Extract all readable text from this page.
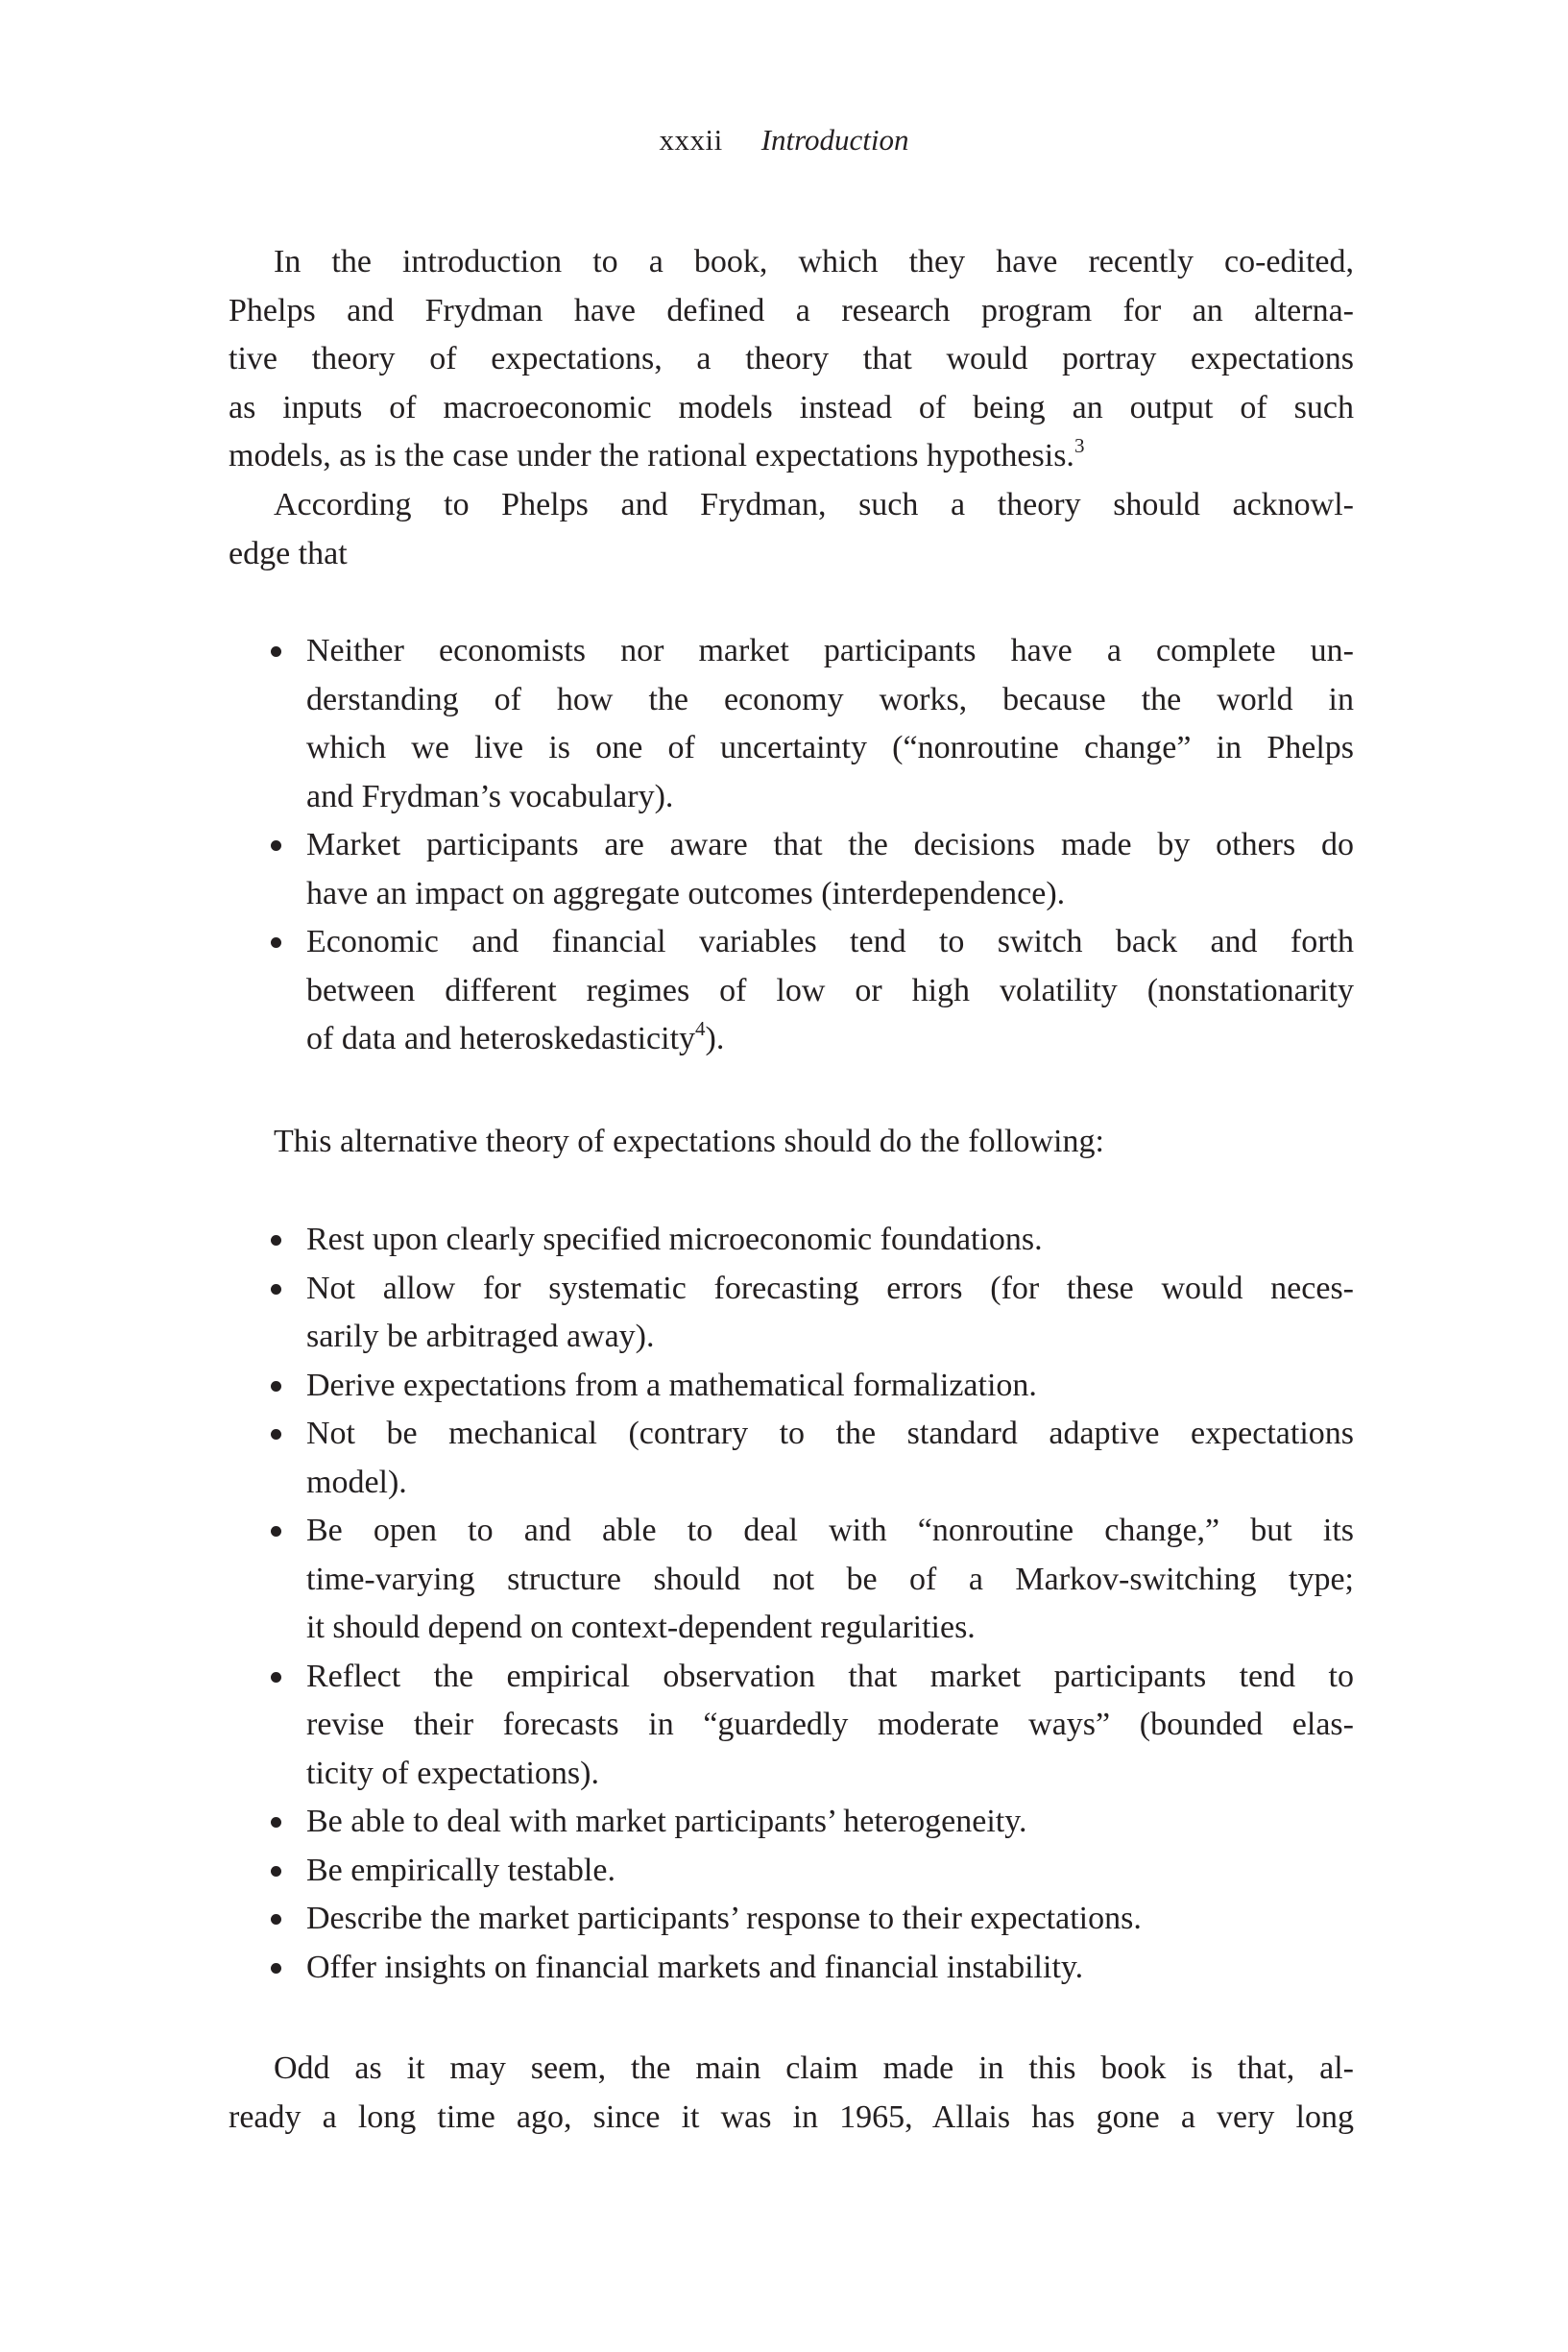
xxxii Introduction
In the introduction to a book, which they have recently co-edited,
Phelps and Frydman have defined a research program for an alterna-
tive theory of expectations, a theory that would portray expectations
as inputs of macroeconomic models instead of being an output of such
models, as is the case under the rational expectations hypothesis.$^3$
According to Phelps and Frydman, such a theory should acknowl-
edge that
Neither economists nor market participants have a complete un-
derstanding of how the economy works, because the world in
which we live is one of uncertainty (“nonroutine change” in Phelps
and Frydman’s vocabulary).
Market participants are aware that the decisions made by others do
have an impact on aggregate outcomes (interdependence).
Economic and financial variables tend to switch back and forth
between different regimes of low or high volatility (nonstationarity
of data and heteroskedasticity$^4$).
This alternative theory of expectations should do the following:
Rest upon clearly specified microeconomic foundations.
Not allow for systematic forecasting errors (for these would neces-
sarily be arbitraged away).
Derive expectations from a mathematical formalization.
Not be mechanical (contrary to the standard adaptive expectations
model).
Be open to and able to deal with “nonroutine change,” but its
time-varying structure should not be of a Markov-switching type;
it should depend on context-dependent regularities.
Reflect the empirical observation that market participants tend to
revise their forecasts in “guardedly moderate ways” (bounded elas-
ticity of expectations).
Be able to deal with market participants’ heterogeneity.
Be empirically testable.
Describe the market participants’ response to their expectations.
Offer insights on financial markets and financial instability.
Odd as it may seem, the main claim made in this book is that, al-
ready a long time ago, since it was in 1965, Allais has gone a very long
